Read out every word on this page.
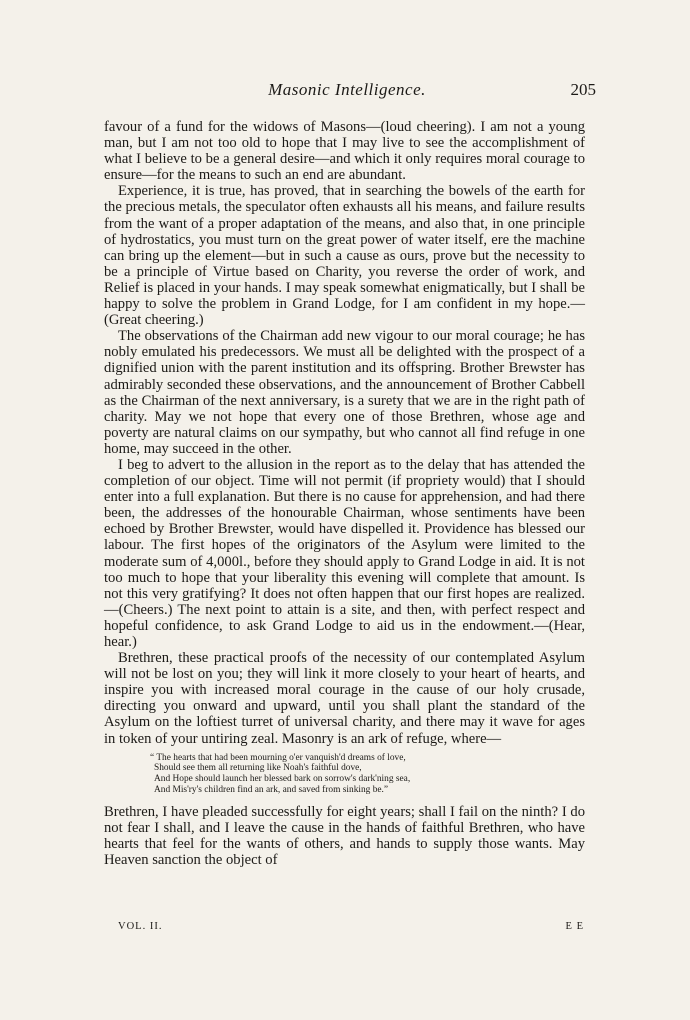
Masonic Intelligence.	205

favour of a fund for the widows of Masons—(loud cheering). I am not a young man, but I am not too old to hope that I may live to see the accomplishment of what I believe to be a general desire—and which it only requires moral courage to ensure—for the means to such an end are abundant.

Experience, it is true, has proved, that in searching the bowels of the earth for the precious metals, the speculator often exhausts all his means, and failure results from the want of a proper adaptation of the means, and also that, in one principle of hydrostatics, you must turn on the great power of water itself, ere the machine can bring up the element—but in such a cause as ours, prove but the necessity to be a principle of Virtue based on Charity, you reverse the order of work, and Relief is placed in your hands. I may speak somewhat enigmatically, but I shall be happy to solve the problem in Grand Lodge, for I am confident in my hope.—(Great cheering.)

The observations of the Chairman add new vigour to our moral courage; he has nobly emulated his predecessors. We must all be delighted with the prospect of a dignified union with the parent institution and its offspring. Brother Brewster has admirably seconded these observations, and the announcement of Brother Cabbell as the Chairman of the next anniversary, is a surety that we are in the right path of charity. May we not hope that every one of those Brethren, whose age and poverty are natural claims on our sympathy, but who cannot all find refuge in one home, may succeed in the other.

I beg to advert to the allusion in the report as to the delay that has attended the completion of our object. Time will not permit (if propriety would) that I should enter into a full explanation. But there is no cause for apprehension, and had there been, the addresses of the honourable Chairman, whose sentiments have been echoed by Brother Brewster, would have dispelled it. Providence has blessed our labour. The first hopes of the originators of the Asylum were limited to the moderate sum of 4,000l., before they should apply to Grand Lodge in aid. It is not too much to hope that your liberality this evening will complete that amount. Is not this very gratifying? It does not often happen that our first hopes are realized.—(Cheers.) The next point to attain is a site, and then, with perfect respect and hopeful confidence, to ask Grand Lodge to aid us in the endowment.—(Hear, hear.)

Brethren, these practical proofs of the necessity of our contemplated Asylum will not be lost on you; they will link it more closely to your heart of hearts, and inspire you with increased moral courage in the cause of our holy crusade, directing you onward and upward, until you shall plant the standard of the Asylum on the loftiest turret of universal charity, and there may it wave for ages in token of your untiring zeal. Masonry is an ark of refuge, where—

“ The hearts that had been mourning o'er vanquish'd dreams of love,
Should see them all returning like Noah's faithful dove,
And Hope should launch her blessed bark on sorrow's dark'ning sea,
And Mis'ry's children find an ark, and saved from sinking be.”

Brethren, I have pleaded successfully for eight years; shall I fail on the ninth? I do not fear I shall, and I leave the cause in the hands of faithful Brethren, who have hearts that feel for the wants of others, and hands to supply those wants. May Heaven sanction the object of

VOL. II.	E E
